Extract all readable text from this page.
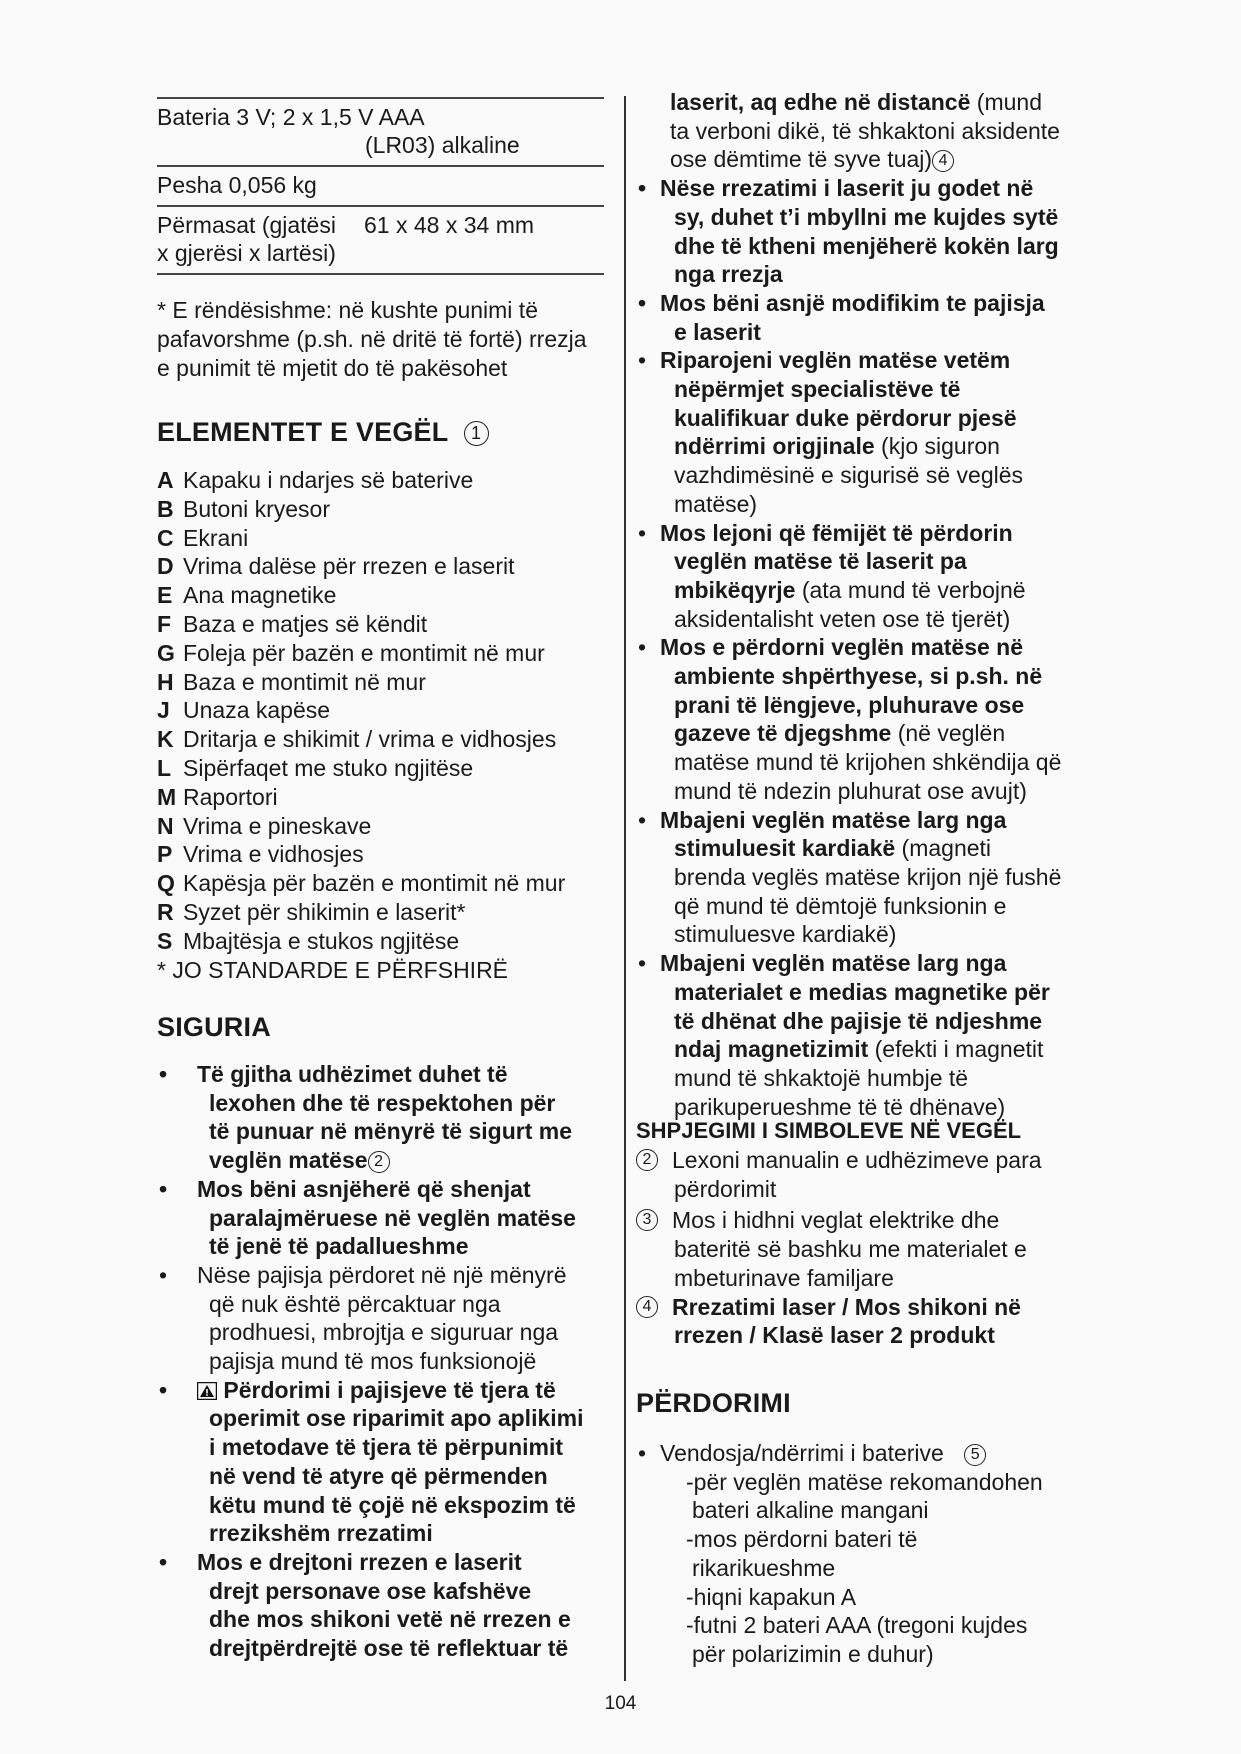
Bateria 3 V; 2 x 1,5 V AAA
(LR03) alkaline
Pesha 0,056 kg
Përmasat (gjatësi	61 x 48 x 34 mm
x gjerësi x lartësi)
* E rëndësishme: në kushte punimi të
pafavorshme (p.sh. në dritë të fortë) rrezja
e punimit të mjetit do të pakësohet
ELEMENTET E VEGËL 1
A Kapaku i ndarjes së baterive
B Butoni kryesor
C Ekrani
D Vrima dalëse për rrezen e laserit
E Ana magnetike
F Baza e matjes së këndit
G Foleja për bazën e montimit në mur
H Baza e montimit në mur
J Unaza kapëse
K Dritarja e shikimit / vrima e vidhosjes
L Sipërfaqet me stuko ngjitëse
M Raportori
N Vrima e pineskave
P Vrima e vidhosjes
Q Kapësja për bazën e montimit në mur
R Syzet për shikimin e laserit*
S Mbajtësja e stukos ngjitëse
* JO STANDARDE E PËRFSHIRË
SIGURIA
• Të gjitha udhëzimet duhet të
lexohen dhe të respektohen për
të punuar në mënyrë të sigurt me
veglën matëse 2
• Mos bëni asnjëherë që shenjat
paralajmëruese në veglën matëse
të jenë të padallueshme
• Nëse pajisja përdoret në një mënyrë
që nuk është përcaktuar nga
prodhuesi, mbrojtja e siguruar nga
pajisja mund të mos funksionojë
•	Përdorimi i pajisjeve të tjera të
operimit ose riparimit apo aplikimi
i metodave të tjera të përpunimit
në vend të atyre që përmenden
këtu mund të çojë në ekspozim të
rrezikshëm rrezatimi
• Mos e drejtoni rrezen e laserit
drejt personave ose kafshëve
dhe mos shikoni vetë në rrezen e
drejtpërdrejtë ose të reflektuar të
laserit, aq edhe në distancë (mund
ta verboni dikë, të shkaktoni aksidente
ose dëmtime të syve tuaj) 4
• Nëse rrezatimi i laserit ju godet në
sy, duhet t’i mbyllni me kujdes sytë
dhe të ktheni menjëherë kokën larg
nga rrezja
• Mos bëni asnjë modifikim te pajisja
e laserit
• Riparojeni veglën matëse vetëm
nëpërmjet specialistëve të
kualifikuar duke përdorur pjesë
ndërrimi origjinale (kjo siguron
vazhdimësinë e sigurisë së veglës
matëse)
• Mos lejoni që fëmijët të përdorin
veglën matëse të laserit pa
mbikëqyrje (ata mund të verbojnë
aksidentalisht veten ose të tjerët)
• Mos e përdorni veglën matëse në
ambiente shpërthyese, si p.sh. në
prani të lëngjeve, pluhurave ose
gazeve të djegshme (në veglën
matëse mund të krijohen shkëndija që
mund të ndezin pluhurat ose avujt)
• Mbajeni veglën matëse larg nga
stimuluesit kardiakë (magneti
brenda veglës matëse krijon një fushë
që mund të dëmtojë funksionin e
stimuluesve kardiakë)
• Mbajeni veglën matëse larg nga
materialet e medias magnetike për
të dhënat dhe pajisje të ndjeshme
ndaj magnetizimit (efekti i magnetit
mund të shkaktojë humbje të
parikuperueshme të të dhënave)
SHPJEGIMI I SIMBOLEVE NË VEGËL
2 Lexoni manualin e udhëzimeve para
përdorimit
3 Mos i hidhni veglat elektrike dhe
bateritë së bashku me materialet e
mbeturinave familjare
4 Rrezatimi laser / Mos shikoni në
rrezen / Klasë laser 2 produkt
PËRDORIMI
• Vendosja/ndërrimi i baterive 5
-për veglën matëse rekomandohen
bateri alkaline mangani
-mos përdorni bateri të
rikarikueshme
-hiqni kapakun A
-futni 2 bateri AAA (tregoni kujdes
për polarizimin e duhur)
104
